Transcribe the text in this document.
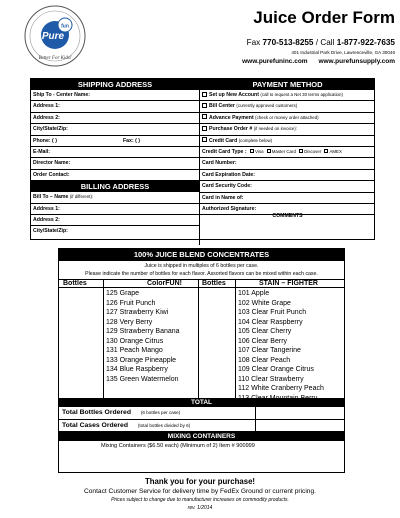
fun
Pure
Better For Kids!
Juice Order Form
Fax 770-513-8255 / Call 1-877-922-7635
401 Industrial Park Drive, Lawrenceville, GA 30046
www.purefuninc.com www.purefunsupply.com
SHIPPING ADDRESS
Ship To - Center Name:
Address 1:
Address 2:
City/State/Zip:
Phone: ( )	Fax: ( )
E-Mail:
Director Name:
Order Contact:
BILLING ADDRESS
Bill To – Name (if different):
Address 1:
Address 2:
City/State/Zip:
PAYMENT METHOD
Set up New Account (call to request a Net 30 terms application)
Bill Center (currently approved customers)
Advance Payment (check or money order attached)
Purchase Order # (if needed on invoice):
Credit Card (complete below)
Credit Card Type : Visa Master Card Discover AMEX
Card Number:
Card Expiration Date:
Card Security Code:
Card in Name of:
Authorized Signature:
COMMENTS
100% JUICE BLEND CONCENTRATES
Juice is shipped in multiples of 6 bottles per case.
Please indicate the number of bottles for each flavor. Assorted flavors can be mixed within each case.
Bottles	ColorFUN!	Bottles	STAIN – FIGHTER
125 Grape
126 Fruit Punch
127 Strawberry Kiwi
128 Very Berry
129 Strawberry Banana
130 Orange Citrus
131 Peach Mango
133 Orange Pineapple
134 Blue Raspberry
135 Green Watermelon
101 Apple
102 White Grape
103 Clear Fruit Punch
104 Clear Raspberry
105 Clear Cherry
106 Clear Berry
107 Clear Tangerine
108 Clear Peach
109 Clear Orange Citrus
110 Clear Strawberry
112 White Cranberry Peach
TOTAL
Total Bottles Ordered (6 bottles per case)
Total Cases Ordered (total bottles divided by 6)
MIXING CONTAINERS
Mixing Containers ($6.50 each) (Minimum of 2) Item # 900999
Thank you for your purchase!
Contact Customer Service for delivery time by FedEx Ground or current pricing.
Prices subject to change due to manufacturer increases on commodity products.
rev. 1/2014
